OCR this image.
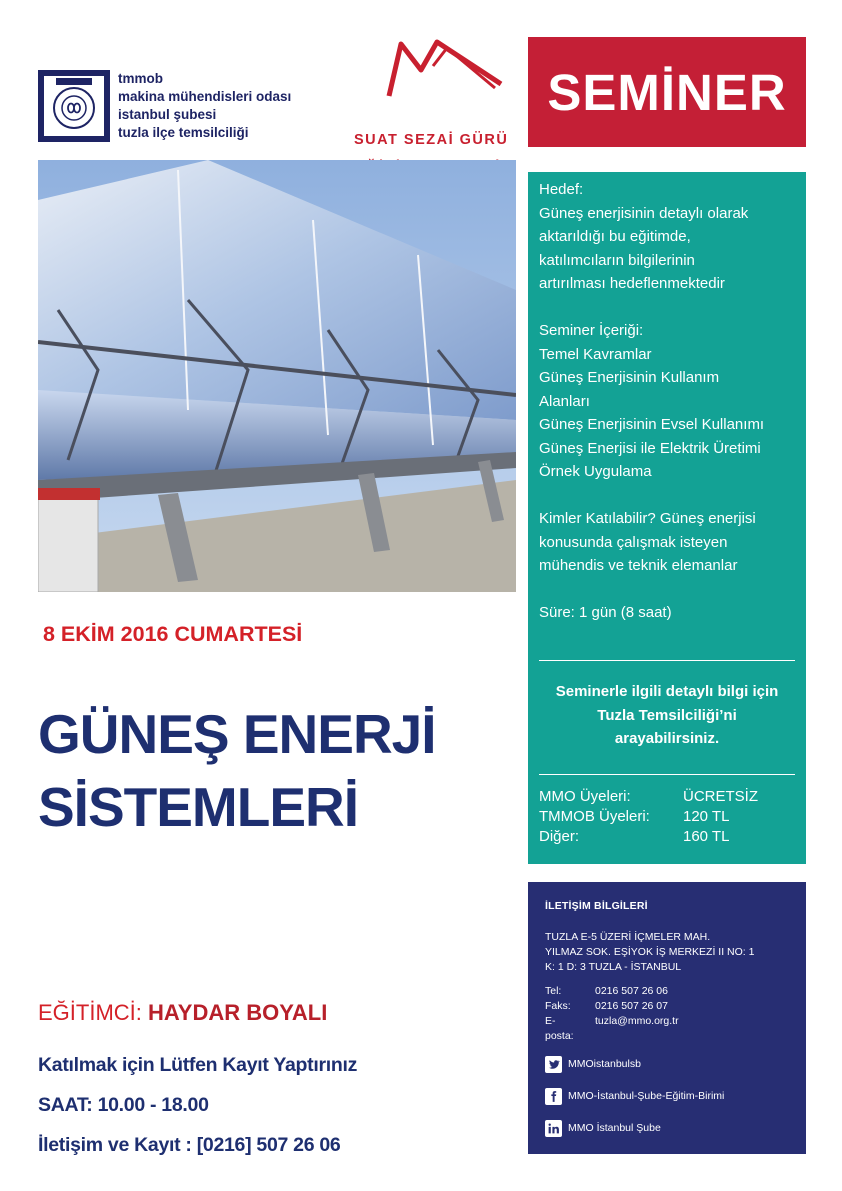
tmmob
makina mühendisleri odası
istanbul şubesi
tuzla ilçe temsilciliği	SUAT SEZAİ GÜRÜ
SEMİNER
Hedef:
Güneş enerjisinin detaylı olarak
aktarıldığı bu eğitimde,
katılımcıların bilgilerinin
artırılması hedeflenmektedir
Seminer İçeriği:
Temel Kavramlar
Güneş Enerjisinin Kullanım
Alanları
Güneş Enerjisinin Evsel Kullanımı
Güneş Enerjisi ile Elektrik Üretimi
Örnek Uygulama
Kimler Katılabilir? Güneş enerjisi
konusunda çalışmak isteyen
mühendis ve teknik elemanlar
Süre: 1 gün (8 saat)
Seminerle ilgili detaylı bilgi için
Tuzla Temsilciliği’ni
arayabilirsiniz.
MMO Üyeleri:	ÜCRETSİZ
TMMOB Üyeleri: 120 TL
Diğer:	160 TL
8 EKİM 2016 CUMARTESİ
GÜNEŞ ENERJİ
SİSTEMLERİ
EĞİTİMCİ: HAYDAR BOYALI
Katılmak için Lütfen Kayıt Yaptırınız
SAAT: 10.00 - 18.00
İletişim ve Kayıt : [0216] 507 26 06
İLETİŞİM BİLGİLERİ
TUZLA E-5 ÜZERİ İÇMELER MAH.
YILMAZ SOK. EŞİYOK İŞ MERKEZİ II NO: 1
K: 1 D: 3 TUZLA - İSTANBUL
Tel:	0216 507 26 06
Faks: 0216 507 26 07
E-posta:
tuzla@mmo.org.tr
MMOistanbulsb
MMO-İstanbul-Şube-Eğitim-Birimi
MMO İstanbul Şube
